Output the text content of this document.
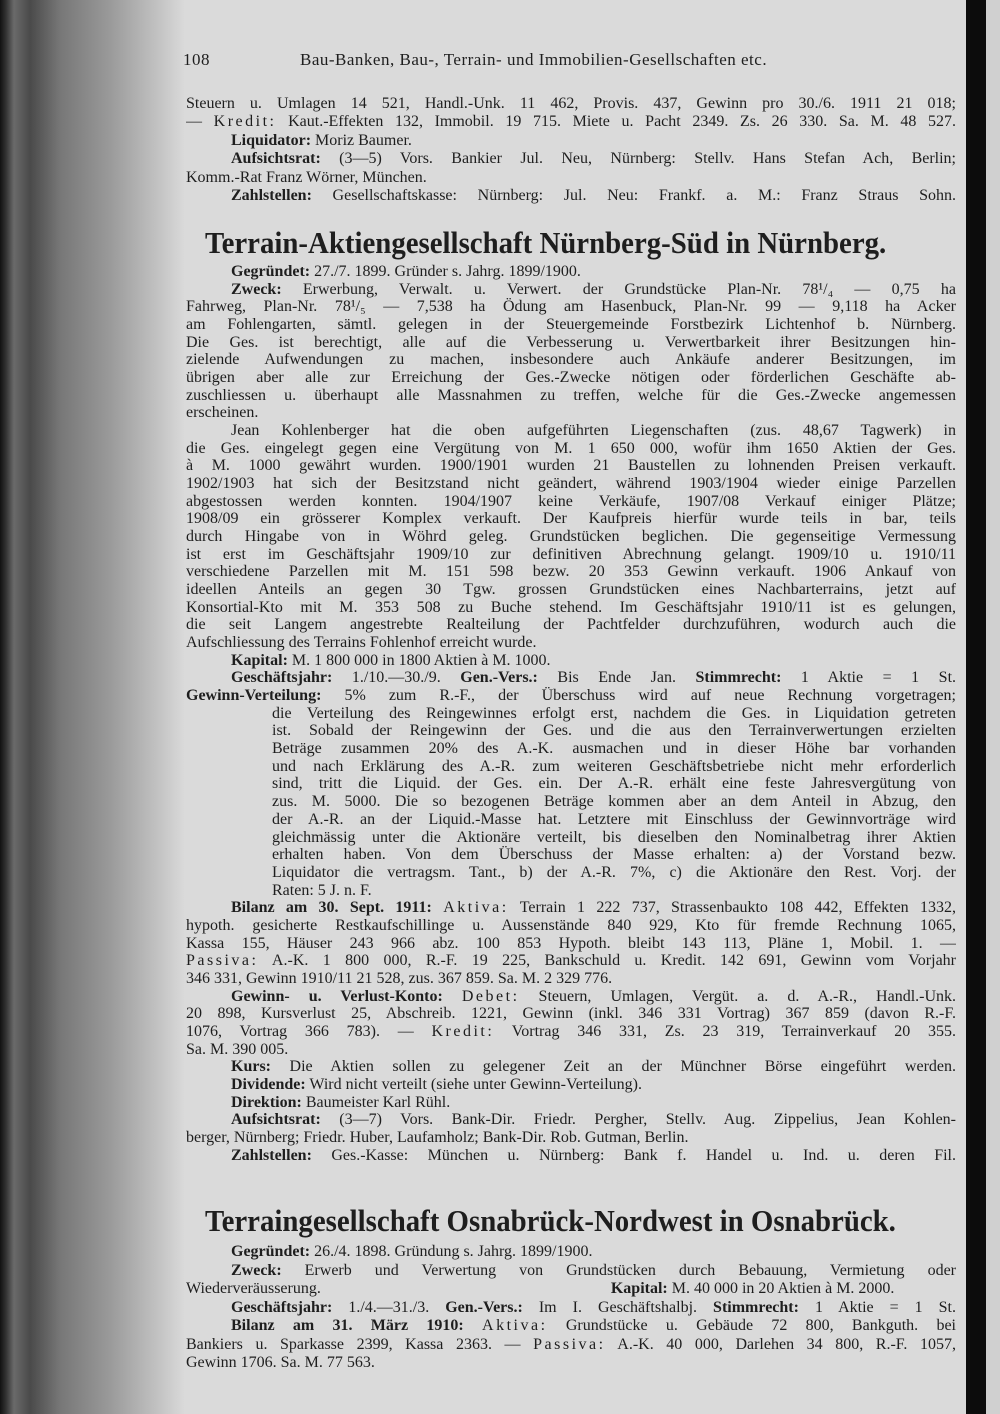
108	Bau-Banken, Bau-, Terrain- und Immobilien-Gesellschaften etc.
Steuern u. Umlagen 14 521, Handl.-Unk. 11 462, Provis. 437, Gewinn pro 30./6. 1911 21 018;
— Kredit: Kaut.-Effekten 132, Immobil. 19 715. Miete u. Pacht 2349. Zs. 26 330. Sa. M. 48 527.
Liquidator: Moriz Baumer.
Aufsichtsrat: (3—5) Vors. Bankier Jul. Neu, Nürnberg: Stellv. Hans Stefan Ach, Berlin;
Komm.-Rat Franz Wörner, München.
Zahlstellen: Gesellschaftskasse: Nürnberg: Jul. Neu: Frankf. a. M.: Franz Straus Sohn.
Terrain-Aktiengesellschaft Nürnberg-Süd in Nürnberg.
Gegründet: 27./7. 1899. Gründer s. Jahrg. 1899/1900.
Zweck: Erwerbung, Verwalt. u. Verwert. der Grundstücke Plan-Nr. 78¹/₄ — 0,75 ha
Fahrweg, Plan-Nr. 78¹/₅ — 7,538 ha Ödung am Hasenbuck, Plan-Nr. 99 — 9,118 ha Acker
am Fohlengarten, sämtl. gelegen in der Steuergemeinde Forstbezirk Lichtenhof b. Nürnberg.
Die Ges. ist berechtigt, alle auf die Verbesserung u. Verwertbarkeit ihrer Besitzungen hin-
zielende Aufwendungen zu machen, insbesondere auch Ankäufe anderer Besitzungen, im
übrigen aber alle zur Erreichung der Ges.-Zwecke nötigen oder förderlichen Geschäfte ab-
zuschliessen u. überhaupt alle Massnahmen zu treffen, welche für die Ges.-Zwecke angemessen
erscheinen.
Jean Kohlenberger hat die oben aufgeführten Liegenschaften (zus. 48,67 Tagwerk) in
die Ges. eingelegt gegen eine Vergütung von M. 1 650 000, wofür ihm 1650 Aktien der Ges.
à M. 1000 gewährt wurden. 1900/1901 wurden 21 Baustellen zu lohnenden Preisen verkauft.
1902/1903 hat sich der Besitzstand nicht geändert, während 1903/1904 wieder einige Parzellen
abgestossen werden konnten. 1904/1907 keine Verkäufe, 1907/08 Verkauf einiger Plätze;
1908/09 ein grösserer Komplex verkauft. Der Kaufpreis hierfür wurde teils in bar, teils
durch Hingabe von in Wöhrd geleg. Grundstücken beglichen. Die gegenseitige Vermessung
ist erst im Geschäftsjahr 1909/10 zur definitiven Abrechnung gelangt. 1909/10 u. 1910/11
verschiedene Parzellen mit M. 151 598 bezw. 20 353 Gewinn verkauft. 1906 Ankauf von
ideellen Anteils an gegen 30 Tgw. grossen Grundstücken eines Nachbarterrains, jetzt auf
Konsortial-Kto mit M. 353 508 zu Buche stehend. Im Geschäftsjahr 1910/11 ist es gelungen,
die seit Langem angestrebte Realteilung der Pachtfelder durchzuführen, wodurch auch die
Aufschliessung des Terrains Fohlenhof erreicht wurde.
Kapital: M. 1 800 000 in 1800 Aktien à M. 1000.
Geschäftsjahr: 1./10.—30./9. Gen.-Vers.: Bis Ende Jan. Stimmrecht: 1 Aktie = 1 St.
Gewinn-Verteilung: 5% zum R.-F., der Überschuss wird auf neue Rechnung vorgetragen;
die Verteilung des Reingewinnes erfolgt erst, nachdem die Ges. in Liquidation getreten
ist. Sobald der Reingewinn der Ges. und die aus den Terrainverwertungen erzielten
Beträge zusammen 20% des A.-K. ausmachen und in dieser Höhe bar vorhanden
und nach Erklärung des A.-R. zum weiteren Geschäftsbetriebe nicht mehr erforderlich
sind, tritt die Liquid. der Ges. ein. Der A.-R. erhält eine feste Jahresvergütung von
zus. M. 5000. Die so bezogenen Beträge kommen aber an dem Anteil in Abzug, den
der A.-R. an der Liquid.-Masse hat. Letztere mit Einschluss der Gewinnvorträge wird
gleichmässig unter die Aktionäre verteilt, bis dieselben den Nominalbetrag ihrer Aktien
erhalten haben. Von dem Überschuss der Masse erhalten: a) der Vorstand bezw.
Liquidator die vertragsm. Tant., b) der A.-R. 7%, c) die Aktionäre den Rest. Vorj. der
Raten: 5 J. n. F.
Bilanz am 30. Sept. 1911: Aktiva: Terrain 1 222 737, Strassenbaukto 108 442, Effekten 1332,
hypoth. gesicherte Restkaufschillinge u. Aussenstände 840 929, Kto für fremde Rechnung 1065,
Kassa 155, Häuser 243 966 abz. 100 853 Hypoth. bleibt 143 113, Pläne 1, Mobil. 1. —
Passiva: A.-K. 1 800 000, R.-F. 19 225, Bankschuld u. Kredit. 142 691, Gewinn vom Vorjahr
346 331, Gewinn 1910/11 21 528, zus. 367 859. Sa. M. 2 329 776.
Gewinn- u. Verlust-Konto: Debet: Steuern, Umlagen, Vergüt. a. d. A.-R., Handl.-Unk.
20 898, Kursverlust 25, Abschreib. 1221, Gewinn (inkl. 346 331 Vortrag) 367 859 (davon R.-F.
1076, Vortrag 366 783). — Kredit: Vortrag 346 331, Zs. 23 319, Terrainverkauf 20 355.
Sa. M. 390 005.
Kurs: Die Aktien sollen zu gelegener Zeit an der Münchner Börse eingeführt werden.
Dividende: Wird nicht verteilt (siehe unter Gewinn-Verteilung).
Direktion: Baumeister Karl Rühl.
Aufsichtsrat: (3—7) Vors. Bank-Dir. Friedr. Pergher, Stellv. Aug. Zippelius, Jean Kohlen-
berger, Nürnberg; Friedr. Huber, Laufamholz; Bank-Dir. Rob. Gutman, Berlin.
Zahlstellen: Ges.-Kasse: München u. Nürnberg: Bank f. Handel u. Ind. u. deren Fil.
Terraingesellschaft Osnabrück-Nordwest in Osnabrück.
Gegründet: 26./4. 1898. Gründung s. Jahrg. 1899/1900.
Zweck: Erwerb und Verwertung von Grundstücken durch Bebauung, Vermietung oder
Wiederveräusserung.	Kapital: M. 40 000 in 20 Aktien à M. 2000.
Geschäftsjahr: 1./4.—31./3. Gen.-Vers.: Im I. Geschäftshalbj. Stimmrecht: 1 Aktie = 1 St.
Bilanz am 31. März 1910: Aktiva: Grundstücke u. Gebäude 72 800, Bankguth. bei
Bankiers u. Sparkasse 2399, Kassa 2363. — Passiva: A.-K. 40 000, Darlehen 34 800, R.-F. 1057,
Gewinn 1706. Sa. M. 77 563.
